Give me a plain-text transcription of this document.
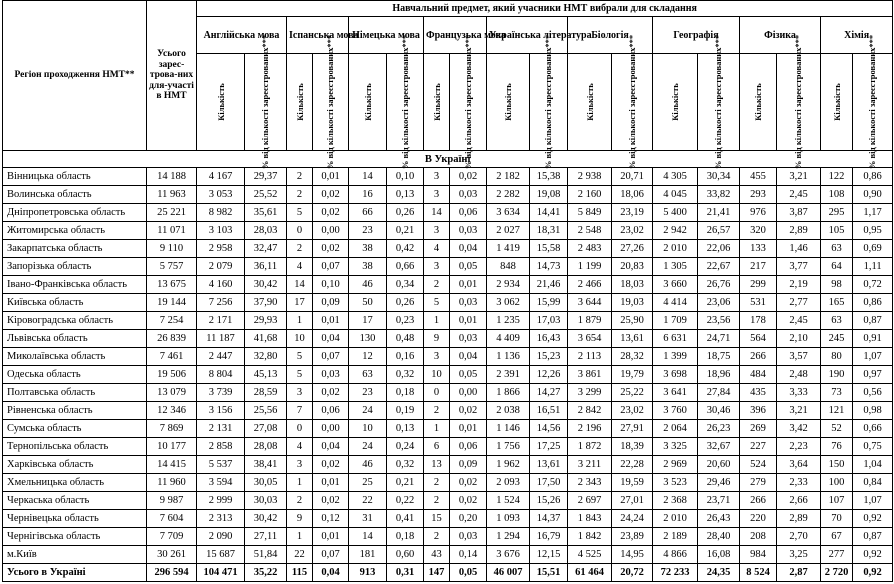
Регіон проходження НМТ**	Усього зарес-трова-них для-участі в НМТ	Навчальний предмет, який учасники НМТ вибрали для складання																	
		Англійська мова		Іспанська мова		Німецька мова		Французька мова		Українська література		Біологія		Географія		Фізика		Хімія	

		Кількість	% від кількості зареєстрованих***	Кількість	% від кількості зареєстрованих***	Кількість	% від кількості зареєстрованих***	Кількість	% від кількості зареєстрованих***	Кількість	% від кількості зареєстрованих***	Кількість	% від кількості зареєстрованих***	Кількість	% від кількості зареєстрованих***	Кількість	% від кількості зареєстрованих***	Кількість	% від кількості зареєстрованих***

В Україні																			
Вінницька область	14 188	4 167	29,37	2	0,01	14	0,10	3	0,02	2 182	15,38	2 938	20,71	4 305	30,34	455	3,21	122	0,86
Волинська область	11 963	3 053	25,52	2	0,02	16	0,13	3	0,03	2 282	19,08	2 160	18,06	4 045	33,82	293	2,45	108	0,90
Дніпропетровська область	25 221	8 982	35,61	5	0,02	66	0,26	14	0,06	3 634	14,41	5 849	23,19	5 400	21,41	976	3,87	295	1,17
Житомирська область	11 071	3 103	28,03	0	0,00	23	0,21	3	0,03	2 027	18,31	2 548	23,02	2 942	26,57	320	2,89	105	0,95
Закарпатська область	9 110	2 958	32,47	2	0,02	38	0,42	4	0,04	1 419	15,58	2 483	27,26	2 010	22,06	133	1,46	63	0,69
Запорізька область	5 757	2 079	36,11	4	0,07	38	0,66	3	0,05	848	14,73	1 199	20,83	1 305	22,67	217	3,77	64	1,11
Івано-Франківська область	13 675	4 160	30,42	14	0,10	46	0,34	2	0,01	2 934	21,46	2 466	18,03	3 660	26,76	299	2,19	98	0,72
Київська область	19 144	7 256	37,90	17	0,09	50	0,26	5	0,03	3 062	15,99	3 644	19,03	4 414	23,06	531	2,77	165	0,86
Кіровоградська область	7 254	2 171	29,93	1	0,01	17	0,23	1	0,01	1 235	17,03	1 879	25,90	1 709	23,56	178	2,45	63	0,87
Львівська область	26 839	11 187	41,68	10	0,04	130	0,48	9	0,03	4 409	16,43	3 654	13,61	6 631	24,71	564	2,10	245	0,91
Миколаївська область	7 461	2 447	32,80	5	0,07	12	0,16	3	0,04	1 136	15,23	2 113	28,32	1 399	18,75	266	3,57	80	1,07
Одеська область	19 506	8 804	45,13	5	0,03	63	0,32	10	0,05	2 391	12,26	3 861	19,79	3 698	18,96	484	2,48	190	0,97
Полтавська область	13 079	3 739	28,59	3	0,02	23	0,18	0	0,00	1 866	14,27	3 299	25,22	3 641	27,84	435	3,33	73	0,56
Рівненська область	12 346	3 156	25,56	7	0,06	24	0,19	2	0,02	2 038	16,51	2 842	23,02	3 760	30,46	396	3,21	121	0,98
Сумська область	7 869	2 131	27,08	0	0,00	10	0,13	1	0,01	1 146	14,56	2 196	27,91	2 064	26,23	269	3,42	52	0,66
Тернопільська область	10 177	2 858	28,08	4	0,04	24	0,24	6	0,06	1 756	17,25	1 872	18,39	3 325	32,67	227	2,23	76	0,75
Харківська область	14 415	5 537	38,41	3	0,02	46	0,32	13	0,09	1 962	13,61	3 211	22,28	2 969	20,60	524	3,64	150	1,04
Хмельницька область	11 960	3 594	30,05	1	0,01	25	0,21	2	0,02	2 093	17,50	2 343	19,59	3 523	29,46	279	2,33	100	0,84
Черкаська область	9 987	2 999	30,03	2	0,02	22	0,22	2	0,02	1 524	15,26	2 697	27,01	2 368	23,71	266	2,66	107	1,07
Чернівецька область	7 604	2 313	30,42	9	0,12	31	0,41	15	0,20	1 093	14,37	1 843	24,24	2 010	26,43	220	2,89	70	0,92
Чернігівська область	7 709	2 090	27,11	1	0,01	14	0,18	2	0,03	1 294	16,79	1 842	23,89	2 189	28,40	208	2,70	67	0,87
м.Київ	30 261	15 687	51,84	22	0,07	181	0,60	43	0,14	3 676	12,15	4 525	14,95	4 866	16,08	984	3,25	277	0,92
Усього в Україні	296 594	104 471	35,22	115	0,04	913	0,31	147	0,05	46 007	15,51	61 464	20,72	72 233	24,35	8 524	2,87	2 720	0,92
